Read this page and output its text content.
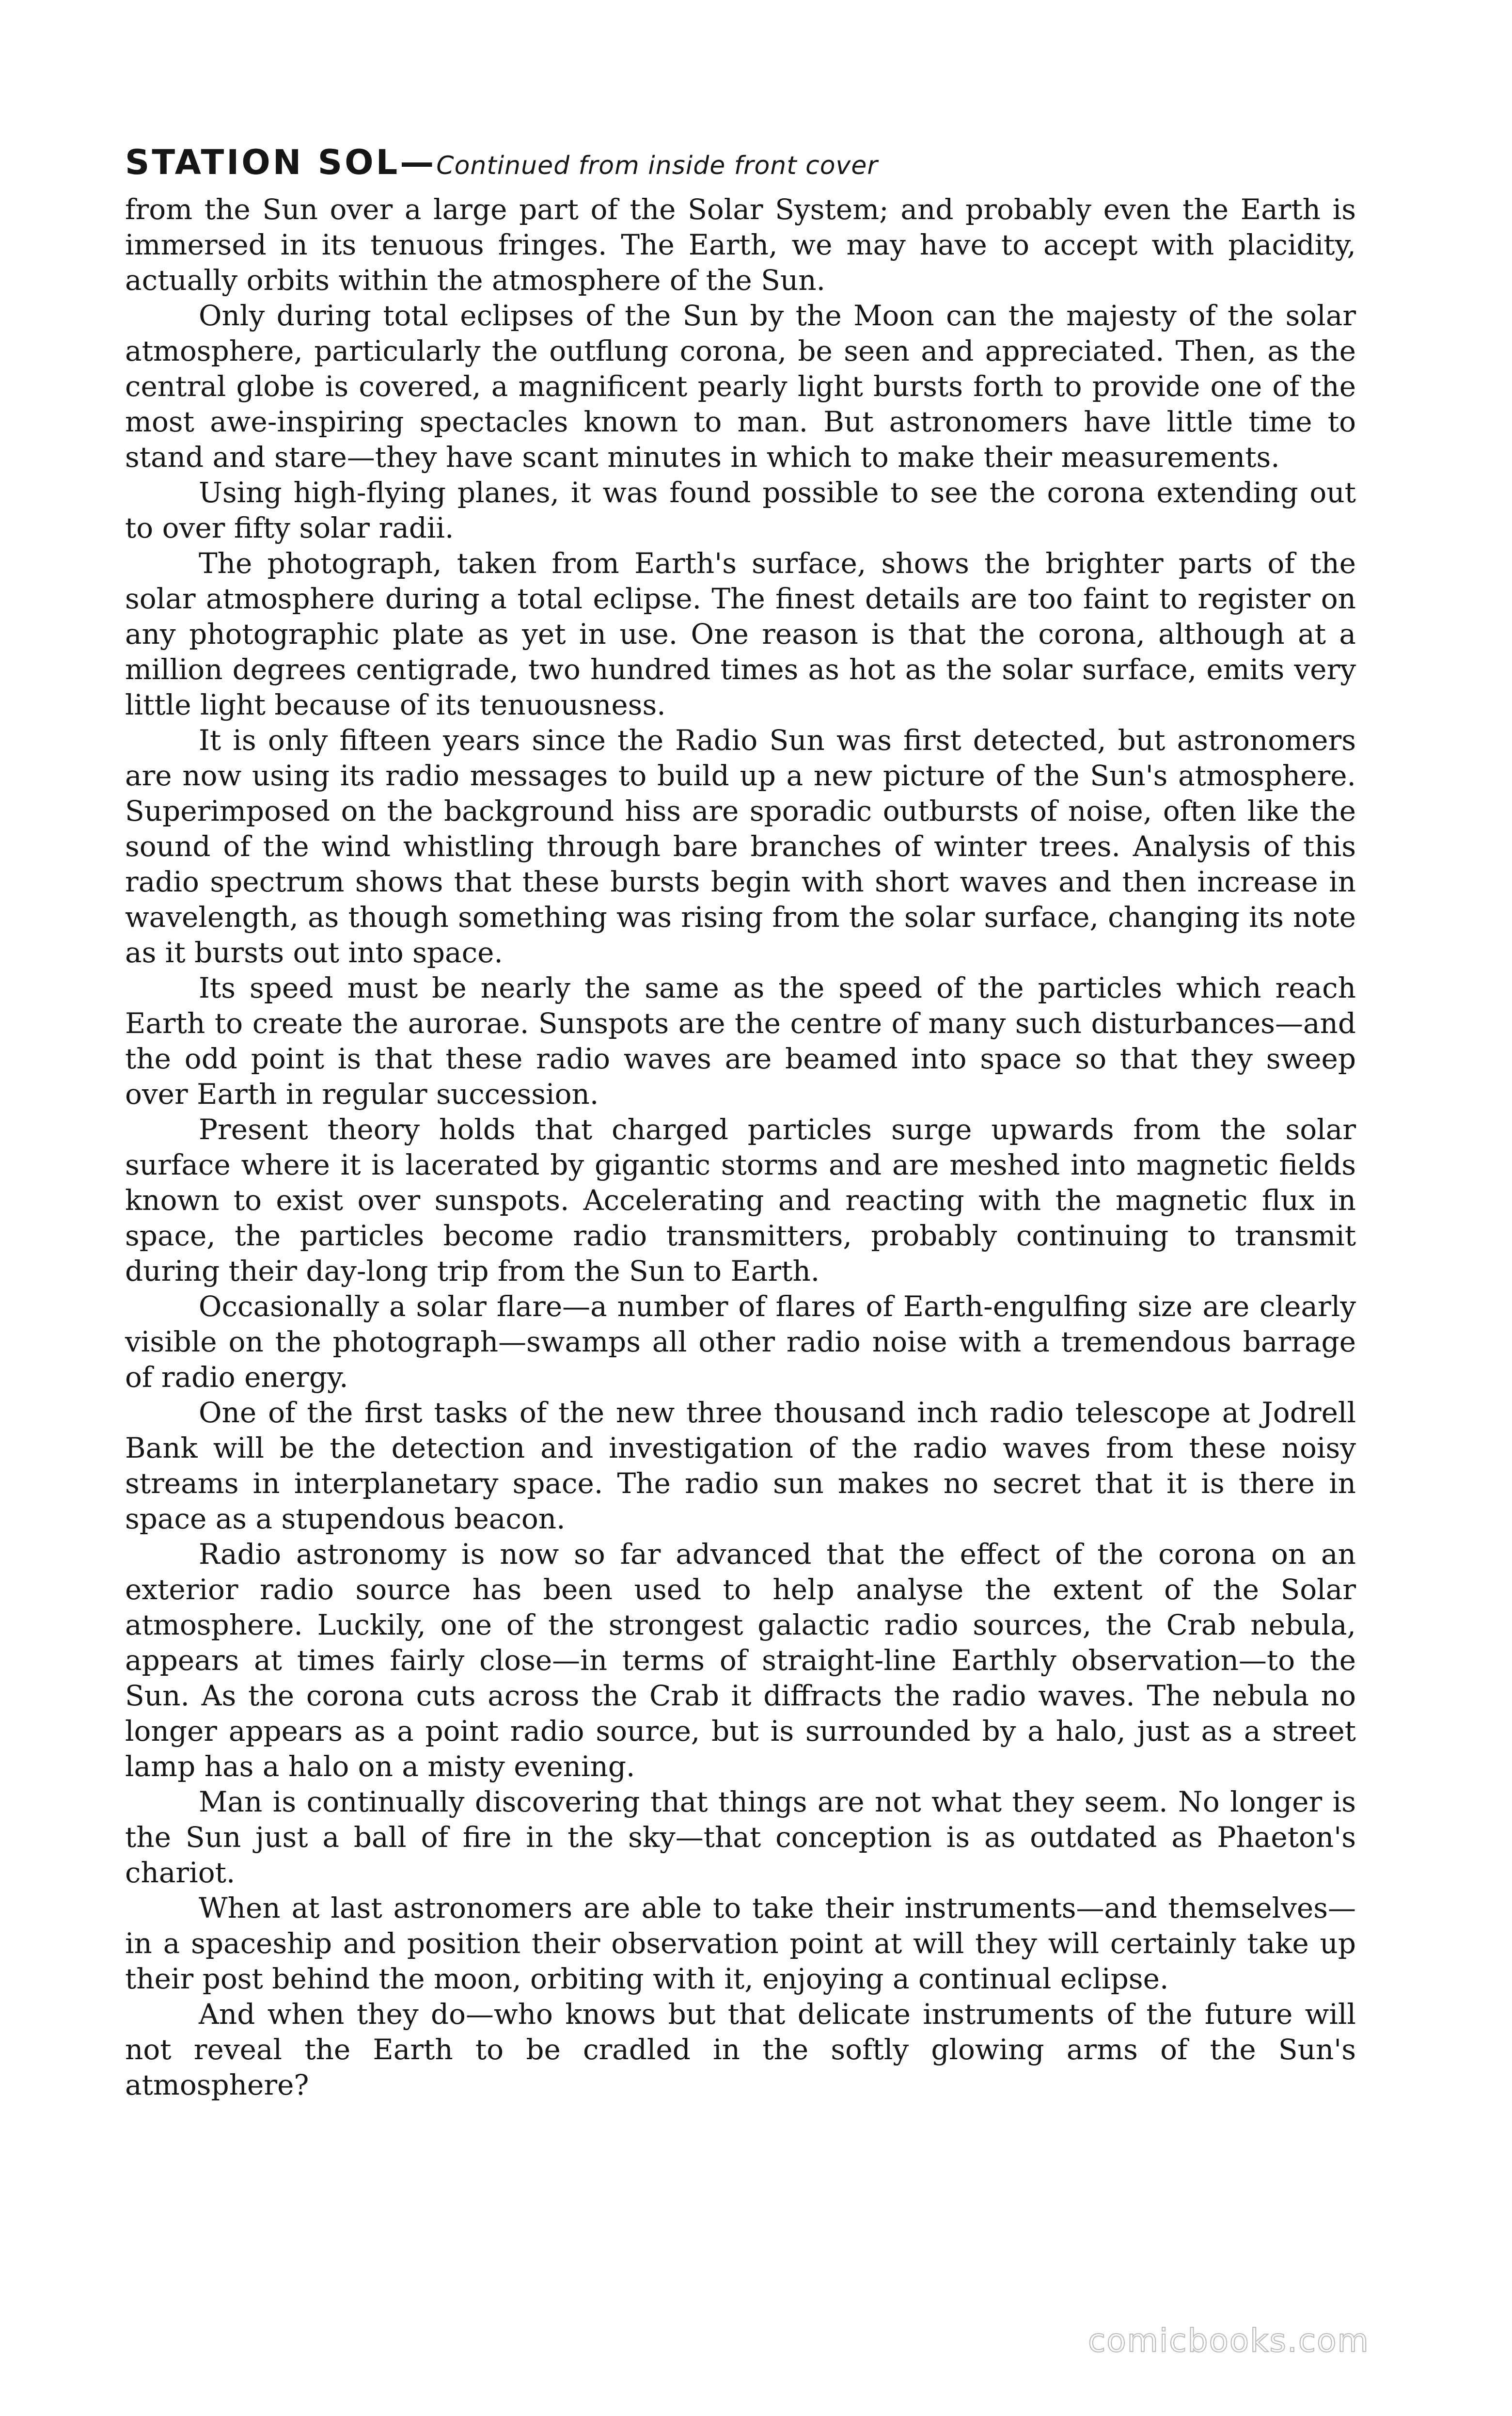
STATION SOL—Continued from inside front cover

from the Sun over a large part of the Solar System; and probably even the Earth is immersed in its tenuous fringes. The Earth, we may have to accept with placidity, actually orbits within the atmosphere of the Sun.

Only during total eclipses of the Sun by the Moon can the majesty of the solar atmosphere, particularly the outflung corona, be seen and appreciated. Then, as the central globe is covered, a magnificent pearly light bursts forth to provide one of the most awe-inspiring spectacles known to man. But astronomers have little time to stand and stare—they have scant minutes in which to make their measurements.

Using high-flying planes, it was found possible to see the corona extending out to over fifty solar radii.

The photograph, taken from Earth's surface, shows the brighter parts of the solar atmosphere during a total eclipse. The finest details are too faint to register on any photographic plate as yet in use. One reason is that the corona, although at a million degrees centigrade, two hundred times as hot as the solar surface, emits very little light because of its tenuousness.

It is only fifteen years since the Radio Sun was first detected, but astronomers are now using its radio messages to build up a new picture of the Sun's atmosphere. Superimposed on the background hiss are sporadic outbursts of noise, often like the sound of the wind whistling through bare branches of winter trees. Analysis of this radio spectrum shows that these bursts begin with short waves and then increase in wavelength, as though something was rising from the solar surface, changing its note as it bursts out into space.

Its speed must be nearly the same as the speed of the particles which reach Earth to create the aurorae. Sunspots are the centre of many such disturbances—and the odd point is that these radio waves are beamed into space so that they sweep over Earth in regular succession.

Present theory holds that charged particles surge upwards from the solar surface where it is lacerated by gigantic storms and are meshed into magnetic fields known to exist over sunspots. Accelerating and reacting with the magnetic flux in space, the particles become radio transmitters, probably continuing to transmit during their day-long trip from the Sun to Earth.

Occasionally a solar flare—a number of flares of Earth-engulfing size are clearly visible on the photograph—swamps all other radio noise with a tremendous barrage of radio energy.

One of the first tasks of the new three thousand inch radio telescope at Jodrell Bank will be the detection and investigation of the radio waves from these noisy streams in interplanetary space. The radio sun makes no secret that it is there in space as a stupendous beacon.

Radio astronomy is now so far advanced that the effect of the corona on an exterior radio source has been used to help analyse the extent of the Solar atmosphere. Luckily, one of the strongest galactic radio sources, the Crab nebula, appears at times fairly close—in terms of straight-line Earthly observation—to the Sun. As the corona cuts across the Crab it diffracts the radio waves. The nebula no longer appears as a point radio source, but is surrounded by a halo, just as a street lamp has a halo on a misty evening.

Man is continually discovering that things are not what they seem. No longer is the Sun just a ball of fire in the sky—that conception is as outdated as Phaeton's chariot.

When at last astronomers are able to take their instruments—and themselves—in a spaceship and position their observation point at will they will certainly take up their post behind the moon, orbiting with it, enjoying a continual eclipse.

And when they do—who knows but that delicate instruments of the future will not reveal the Earth to be cradled in the softly glowing arms of the Sun's atmosphere?

comicbooks.com
